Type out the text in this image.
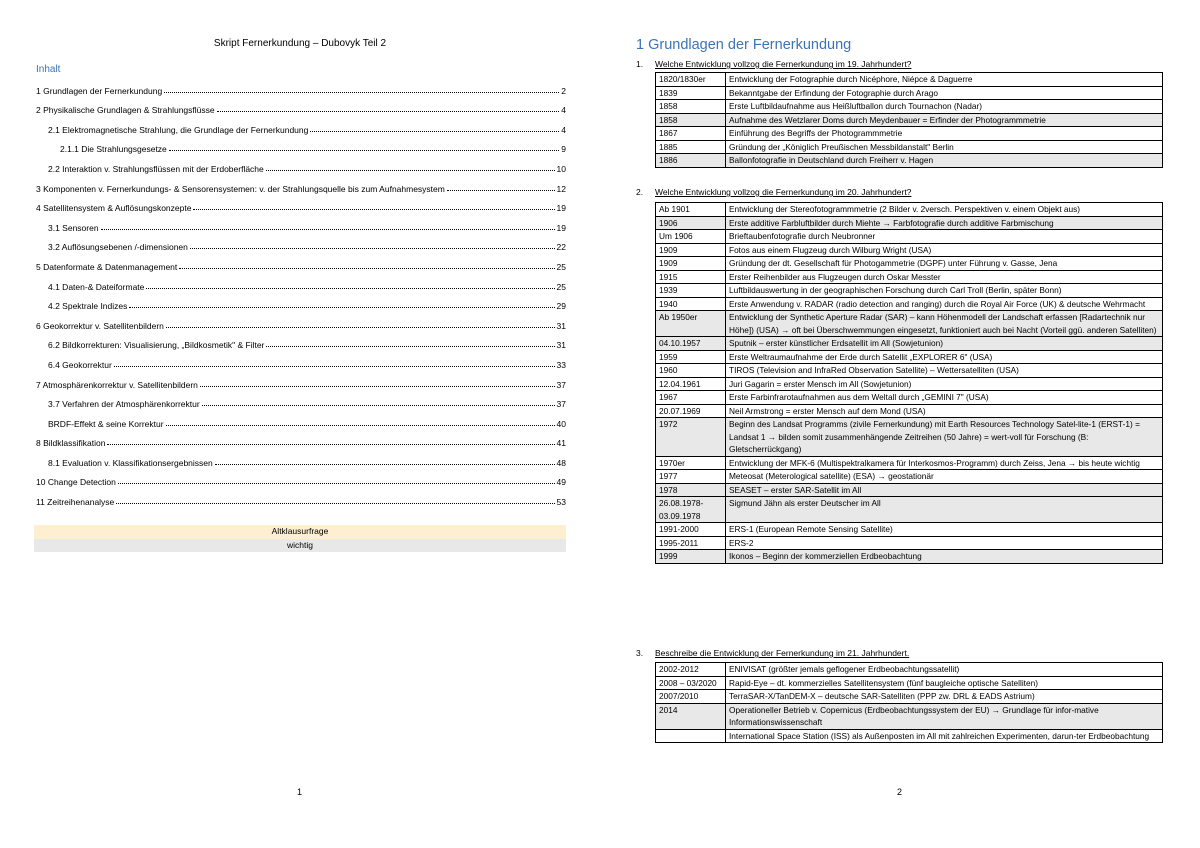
Skript Fernerkundung – Dubovyk Teil 2
Inhalt
1 Grundlagen der Fernerkundung	2
2 Physikalische Grundlagen & Strahlungsflüsse	4
2.1 Elektromagnetische Strahlung, die Grundlage der Fernerkundung	4
2.1.1 Die Strahlungsgesetze	9
2.2 Interaktion v. Strahlungsflüssen mit der Erdoberfläche	10
3 Komponenten v. Fernerkundungs- & Sensorensystemen: v. der Strahlungsquelle bis zum Aufnahmesystem	12
4 Satellitensystem & Auflösungskonzepte	19
3.1 Sensoren	19
3.2 Auflösungsebenen /-dimensionen	22
5 Datenformate & Datenmanagement	25
4.1 Daten-& Dateiformate	25
4.2 Spektrale Indizes	29
6 Geokorrektur v. Satellitenbildern	31
6.2 Bildkorrekturen: Visualisierung, „Bildkosmetik" & Filter	31
6.4 Geokorrektur	33
7 Atmosphärenkorrektur v. Satellitenbildern	37
3.7 Verfahren der Atmosphärenkorrektur	37
BRDF-Effekt & seine Korrektur	40
8 Bildklassifikation	41
8.1 Evaluation v. Klassifikationsergebnissen	48
10 Change Detection	49
11 Zeitreihenanalyse	53
Altklausurfrage
wichtig
1
1 Grundlagen der Fernerkundung
1. Welche Entwicklung vollzog die Fernerkundung im 19. Jahrhundert?
1820/1830er	Entwicklung der Fotographie durch Nicéphore, Niépce & Daguerre
1839	Bekanntgabe der Erfindung der Fotographie durch Arago
1858	Erste Luftbildaufnahme aus Heißluftballon durch Tournachon (Nadar)
1858	Aufnahme des Wetzlarer Doms durch Meydenbauer = Erfinder der Photogrammmetrie
1867	Einführung des Begriffs der Photogrammmetrie
1885	Gründung der „Königlich Preußischen Messbildanstalt" Berlin
1886	Ballonfotografie in Deutschland durch Freiherr v. Hagen
2. Welche Entwicklung vollzog die Fernerkundung im 20. Jahrhundert?
Ab 1901	Entwicklung der Stereofotogrammmetrie (2 Bilder v. 2versch. Perspektiven v. einem Objekt aus)
1906	Erste additive Farbluftbilder durch Miehte → Farbfotografie durch additive Farbmischung
Um 1906	Brieftaubenfotografie durch Neubronner
1909	Fotos aus einem Flugzeug durch Wilburg Wright (USA)
1909	Gründung der dt. Gesellschaft für Photogammetrie (DGPF) unter Führung v. Gasse, Jena
1915	Erster Reihenbilder aus Flugzeugen durch Oskar Messter
1939	Luftbildauswertung in der geographischen Forschung durch Carl Troll (Berlin, später Bonn)
1940	Erste Anwendung v. RADAR (radio detection and ranging) durch die Royal Air Force (UK) & deutsche Wehrmacht
Ab 1950er	Entwicklung der Synthetic Aperture Radar (SAR) – kann Höhenmodell der Landschaft erfassen [Radartechnik nur Höhe]) (USA) → oft bei Überschwemmungen eingesetzt, funktioniert auch bei Nacht (Vorteil ggü. anderen Satelliten)
04.10.1957	Sputnik – erster künstlicher Erdsatellit im All (Sowjetunion)
1959	Erste Weltraumaufnahme der Erde durch Satellit „EXPLORER 6" (USA)
1960	TIROS (Television and InfraRed Observation Satellite) – Wettersatelliten (USA)
12.04.1961	Juri Gagarin = erster Mensch im All (Sowjetunion)
1967	Erste Farbinfrarotaufnahmen aus dem Weltall durch „GEMINI 7" (USA)
20.07.1969	Neil Armstrong = erster Mensch auf dem Mond (USA)
1972	Beginn des Landsat Programms (zivile Fernerkundung) mit Earth Resources Technology Satel-lite-1 (ERST-1) = Landsat 1 → bilden somit zusammenhängende Zeitreihen (50 Jahre) = wert-voll für Forschung (B: Gletscherrückgang)
1970er	Entwicklung der MFK-6 (Multispektralkamera für Interkosmos-Programm) durch Zeiss, Jena → bis heute wichtig
1977	Meteosat (Meterological satellite) (ESA) → geostationär
1978	SEASET – erster SAR-Satellit im All
26.08.1978-03.09.1978	Sigmund Jähn als erster Deutscher im All
1991-2000	ERS-1 (European Remote Sensing Satellite)
1995-2011	ERS-2
1999	Ikonos – Beginn der kommerziellen Erdbeobachtung
3. Beschreibe die Entwicklung der Fernerkundung im 21. Jahrhundert.
2002-2012	ENIVISAT (größter jemals geflogener Erdbeobachtungssatellit)
2008 – 03/2020	Rapid-Eye – dt. kommerzielles Satellitensystem (fünf baugleiche optische Satelliten)
2007/2010	TerraSAR-X/TanDEM-X – deutsche SAR-Satelliten (PPP zw. DRL & EADS Astrium)
2014	Operationeller Betrieb v. Copernicus (Erdbeobachtungssystem der EU) → Grundlage für infor-mative Informationswissenschaft
	International Space Station (ISS) als Außenposten im All mit zahlreichen Experimenten, darun-ter Erdbeobachtung
2
